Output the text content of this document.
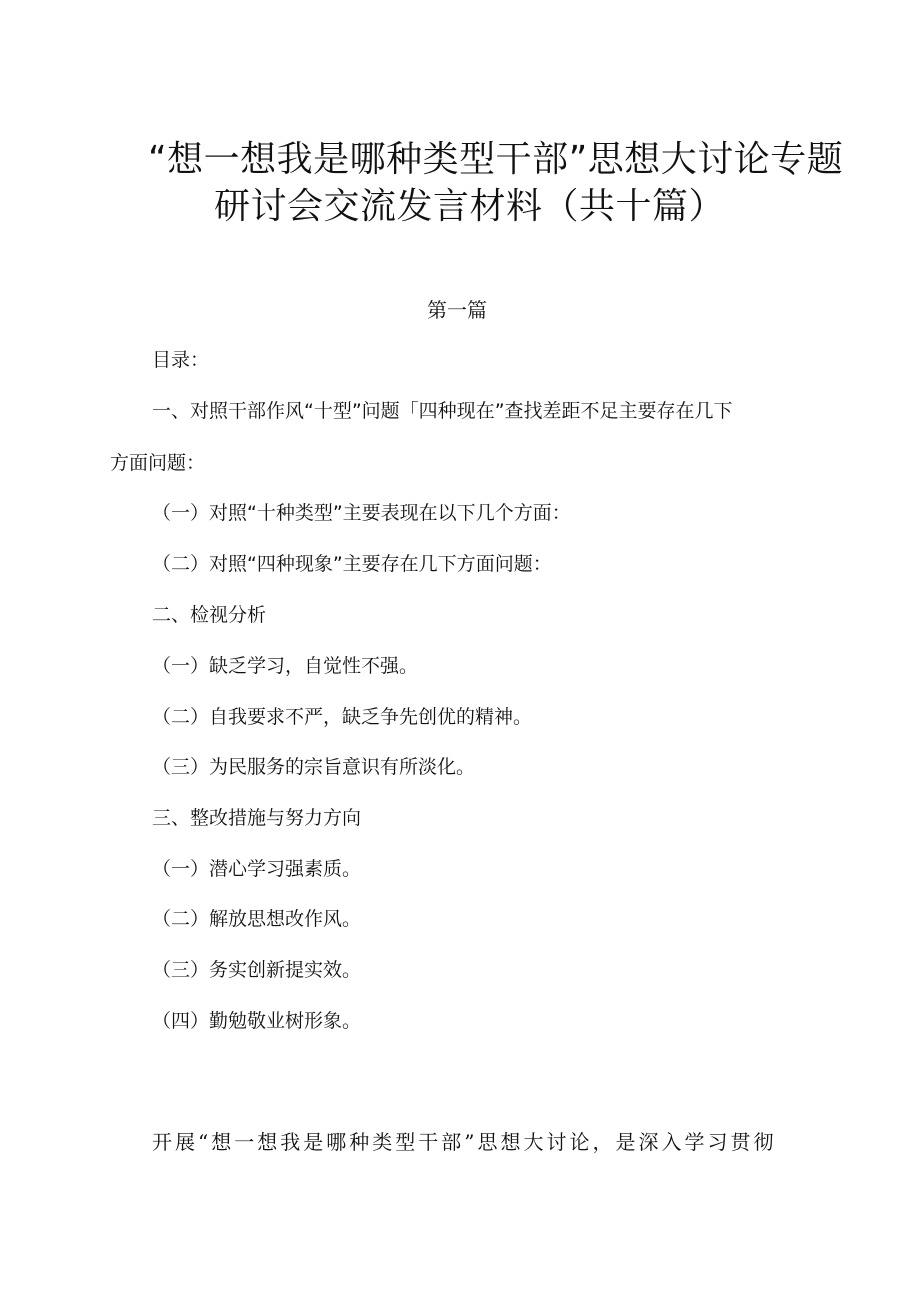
“想一想我是哪种类型干部”思想大讨论专题
研讨会交流发言材料（共十篇）
第一篇
目录：
一、对照干部作风“十型”问题「四种现在”查找差距不足主要存在几下
方面问题：
（一）对照“十种类型”主要表现在以下几个方面：
（二）对照“四种现象”主要存在几下方面问题：
二、检视分析
（一）缺乏学习，自觉性不强。
（二）自我要求不严，缺乏争先创优的精神。
（三）为民服务的宗旨意识有所淡化。
三、整改措施与努力方向
（一）潜心学习强素质。
（二）解放思想改作风。
（三）务实创新提实效。
（四）勤勉敬业树形象。
开展“想一想我是哪种类型干部”思想大讨论，是深入学习贯彻
